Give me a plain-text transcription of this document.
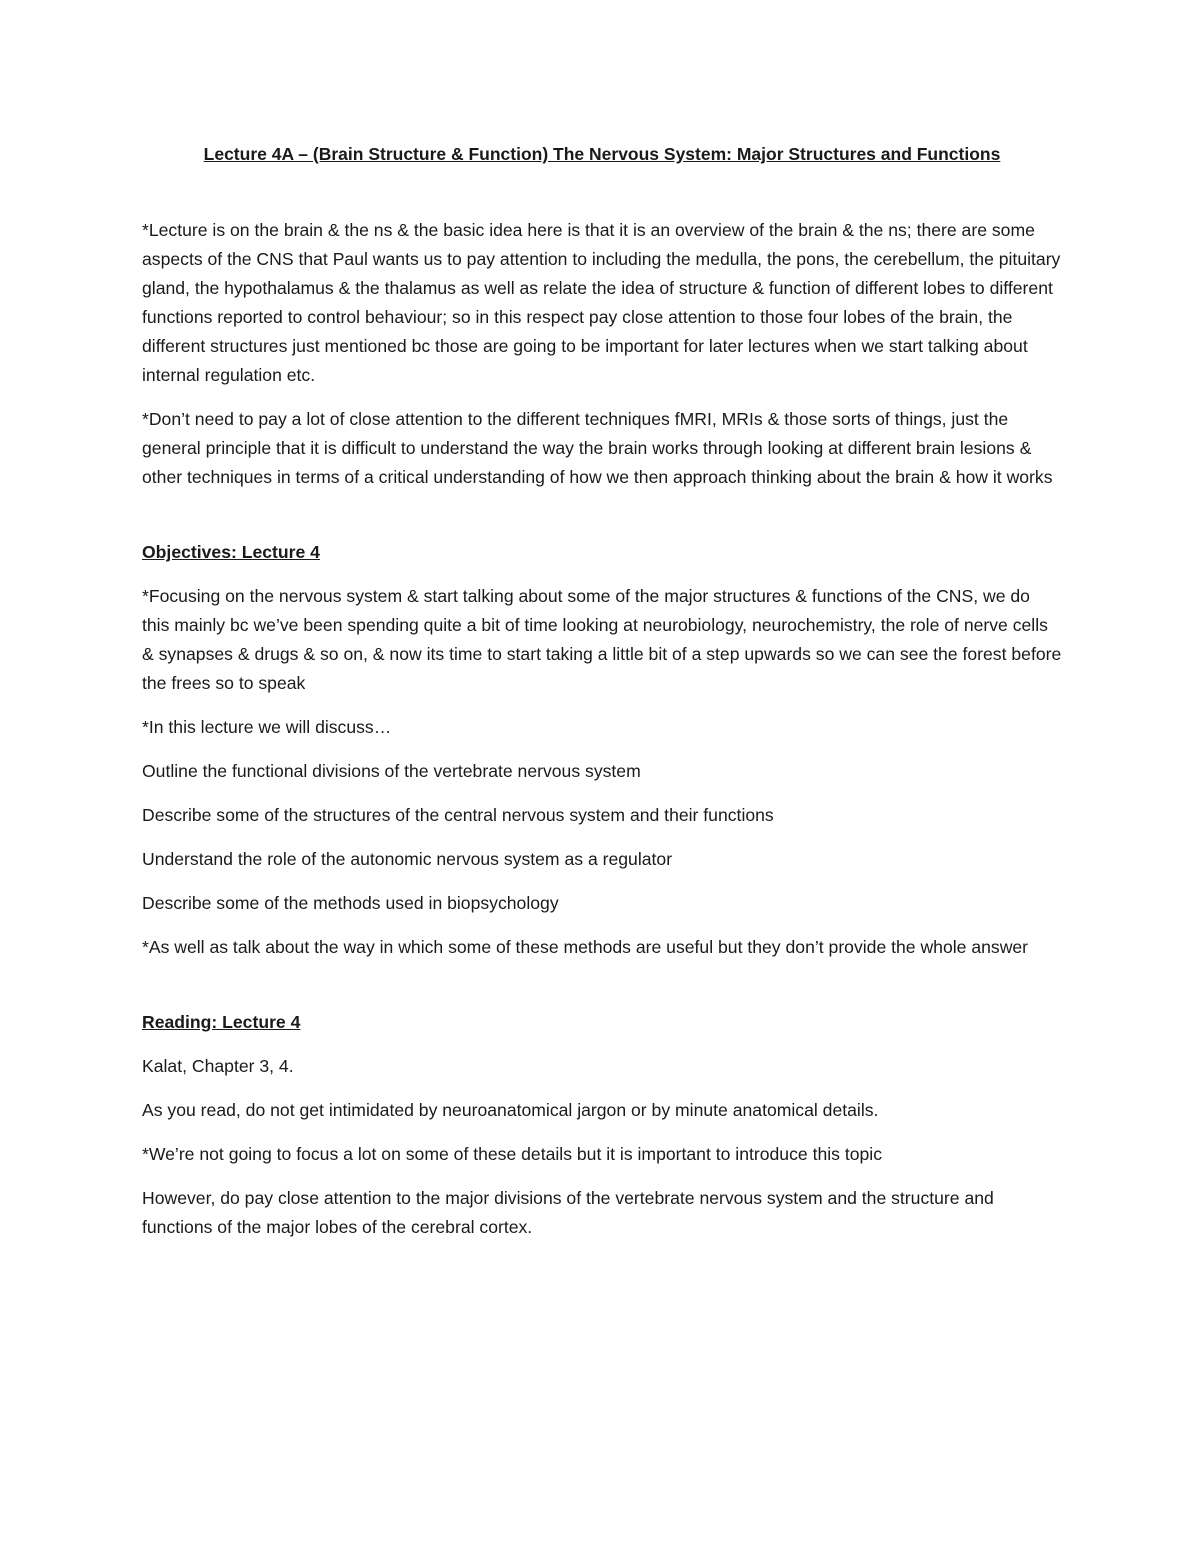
Lecture 4A – (Brain Structure & Function) The Nervous System: Major Structures and Functions

*Lecture is on the brain & the ns & the basic idea here is that it is an overview of the brain & the ns; there are some aspects of the CNS that Paul wants us to pay attention to including the medulla, the pons, the cerebellum, the pituitary gland, the hypothalamus & the thalamus as well as relate the idea of structure & function of different lobes to different functions reported to control behaviour; so in this respect pay close attention to those four lobes of the brain, the different structures just mentioned bc those are going to be important for later lectures when we start talking about internal regulation etc.

*Don’t need to pay a lot of close attention to the different techniques fMRI, MRIs & those sorts of things, just the general principle that it is difficult to understand the way the brain works through looking at different brain lesions & other techniques in terms of a critical understanding of how we then approach thinking about the brain & how it works

Objectives: Lecture 4

*Focusing on the nervous system & start talking about some of the major structures & functions of the CNS, we do this mainly bc we’ve been spending quite a bit of time looking at neurobiology, neurochemistry, the role of nerve cells & synapses & drugs & so on, & now its time to start taking a little bit of a step upwards so we can see the forest before the frees so to speak

*In this lecture we will discuss…

Outline the functional divisions of the vertebrate nervous system

Describe some of the structures of the central nervous system and their functions

Understand the role of the autonomic nervous system as a regulator

Describe some of the methods used in biopsychology

*As well as talk about the way in which some of these methods are useful but they don’t provide the whole answer

Reading: Lecture 4

Kalat, Chapter 3, 4.

As you read, do not get intimidated by neuroanatomical jargon or by minute anatomical details.

*We’re not going to focus a lot on some of these details but it is important to introduce this topic

However, do pay close attention to the major divisions of the vertebrate nervous system and the structure and functions of the major lobes of the cerebral cortex.
